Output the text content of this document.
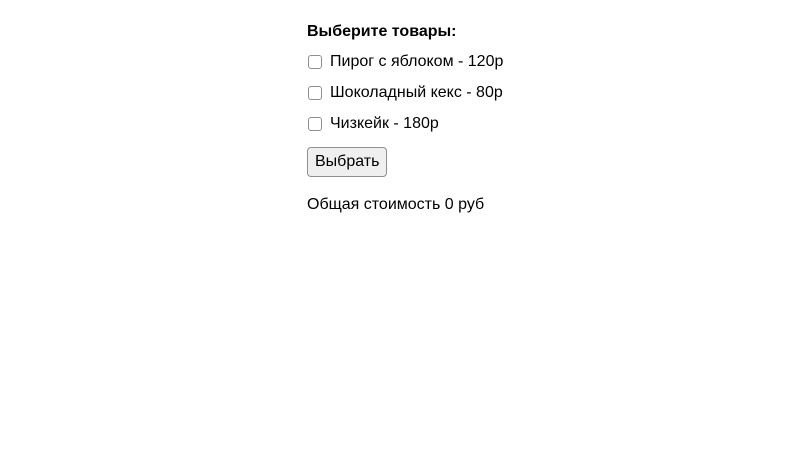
Выберите товары:
Пирог с яблоком - 120р
Шоколадный кекс - 80р
Чизкейк - 180р
Выбрать
Общая стоимость 0 руб
